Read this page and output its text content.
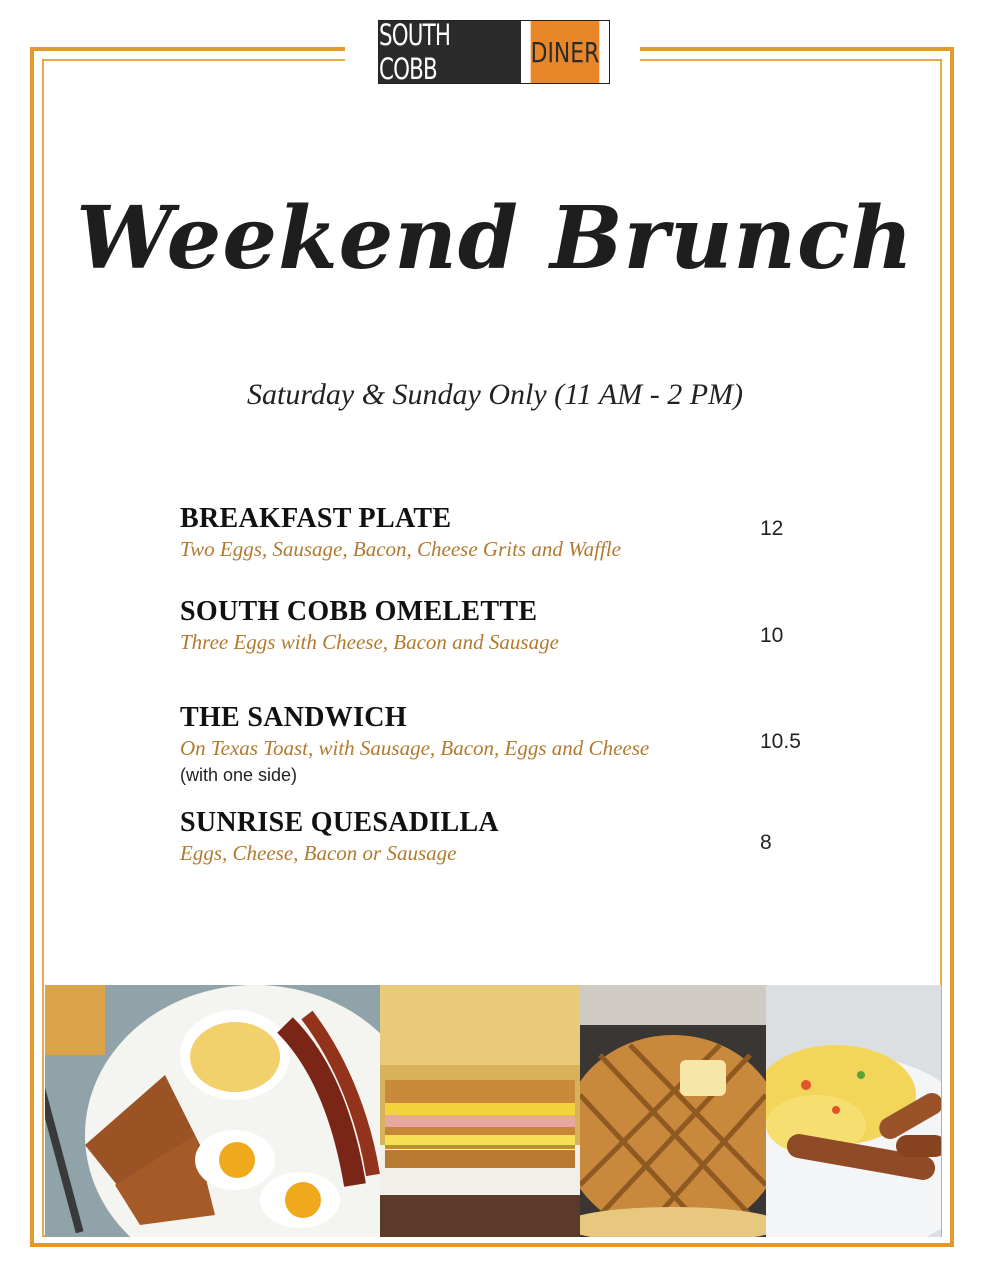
SOUTH COBB	DINER
Weekend Brunch
Saturday & Sunday Only (11 AM - 2 PM)
BREAKFAST PLATE
Two Eggs, Sausage, Bacon, Cheese Grits and Waffle
12
SOUTH COBB OMELETTE
Three Eggs with Cheese, Bacon and Sausage	10
THE SANDWICH
On Texas Toast, with Sausage, Bacon, Eggs and Cheese
(with one side)
10.5
SUNRISE QUESADILLA
Eggs, Cheese, Bacon or Sausage	8
